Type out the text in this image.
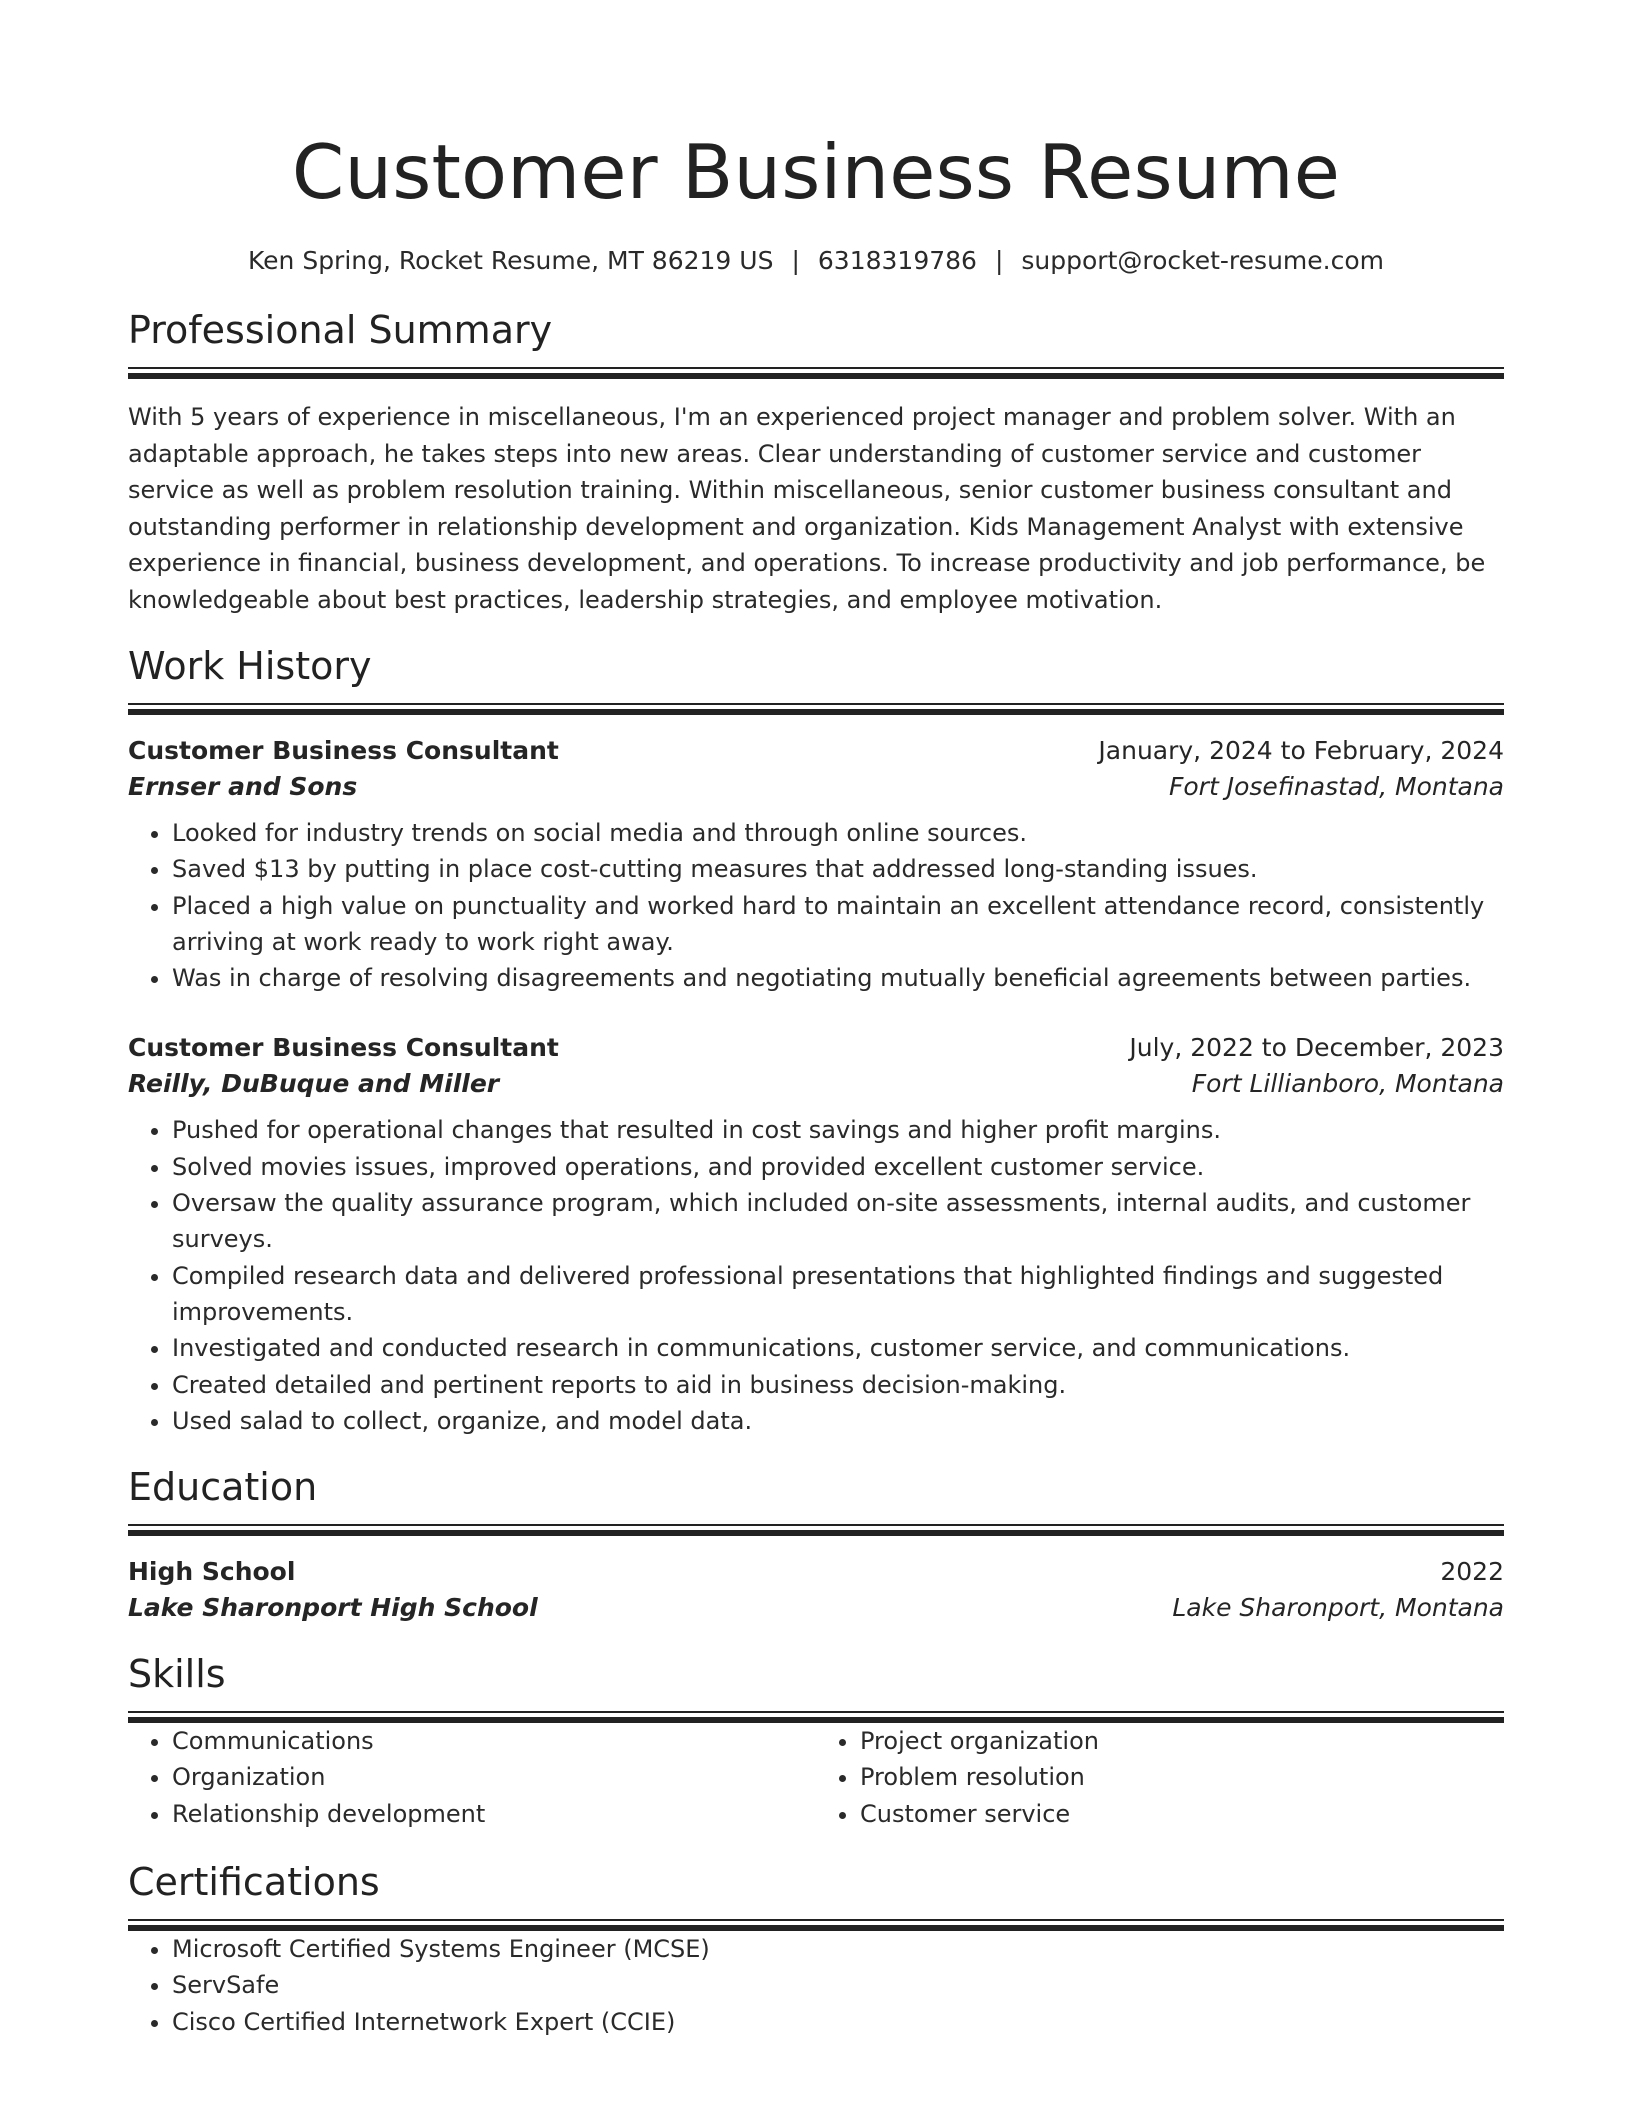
Customer Business Resume
Ken Spring, Rocket Resume, MT 86219 US | 6318319786 | support@rocket-resume.com
Professional Summary
With 5 years of experience in miscellaneous, I'm an experienced project manager and problem solver. With an adaptable approach, he takes steps into new areas. Clear understanding of customer service and customer service as well as problem resolution training. Within miscellaneous, senior customer business consultant and outstanding performer in relationship development and organization. Kids Management Analyst with extensive experience in financial, business development, and operations. To increase productivity and job performance, be knowledgeable about best practices, leadership strategies, and employee motivation.
Work History
Customer Business Consultant	January, 2024 to February, 2024
Ernser and Sons	Fort Josefinastad, Montana
• Looked for industry trends on social media and through online sources.
• Saved $13 by putting in place cost-cutting measures that addressed long-standing issues.
• Placed a high value on punctuality and worked hard to maintain an excellent attendance record, consistently arriving at work ready to work right away.
• Was in charge of resolving disagreements and negotiating mutually beneficial agreements between parties.
Customer Business Consultant	July, 2022 to December, 2023
Reilly, DuBuque and Miller	Fort Lillianboro, Montana
• Pushed for operational changes that resulted in cost savings and higher profit margins.
• Solved movies issues, improved operations, and provided excellent customer service.
• Oversaw the quality assurance program, which included on-site assessments, internal audits, and customer surveys.
• Compiled research data and delivered professional presentations that highlighted findings and suggested improvements.
• Investigated and conducted research in communications, customer service, and communications.
• Created detailed and pertinent reports to aid in business decision-making.
• Used salad to collect, organize, and model data.
Education
High School	2022
Lake Sharonport High School	Lake Sharonport, Montana
Skills
• Communications
• Organization
• Relationship development
• Project organization
• Problem resolution
• Customer service
Certifications
• Microsoft Certified Systems Engineer (MCSE)
• ServSafe
• Cisco Certified Internetwork Expert (CCIE)
